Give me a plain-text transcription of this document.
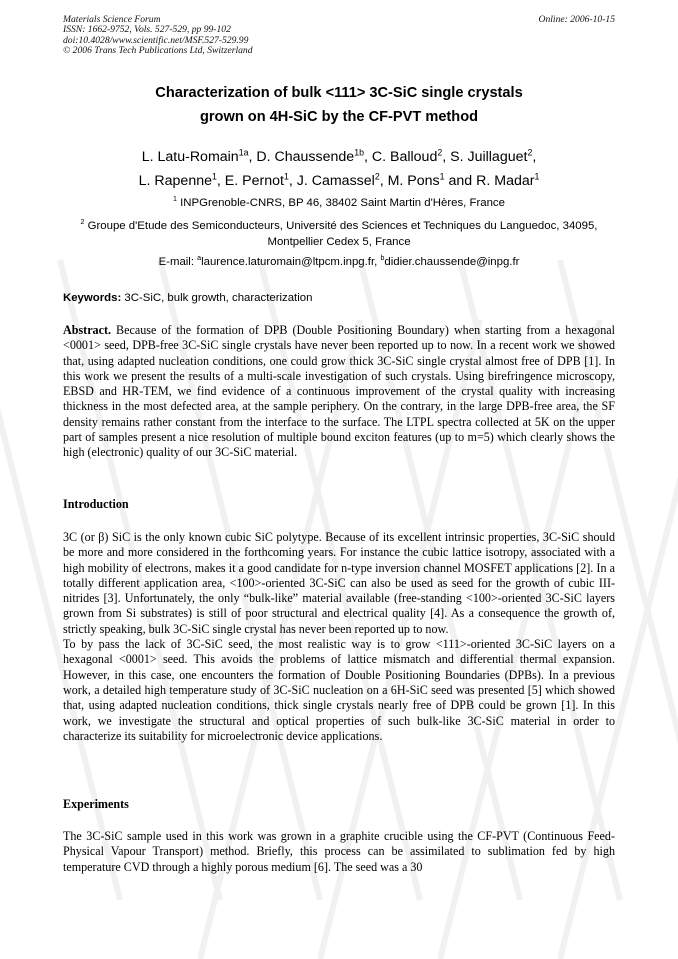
Materials Science Forum
ISSN: 1662-9752, Vols. 527-529, pp 99-102
doi:10.4028/www.scientific.net/MSF.527-529.99
© 2006 Trans Tech Publications Ltd, Switzerland
Online: 2006-10-15
Characterization of bulk <111> 3C-SiC single crystals
grown on 4H-SiC by the CF-PVT method
L. Latu-Romain$^{1a}$, D. Chaussende$^{1b}$, C. Balloud$^2$, S. Juillaguet$^2$,
L. Rapenne$^1$, E. Pernot$^1$, J. Camassel$^2$, M. Pons$^1$ and R. Madar$^1$
$^1$ INPGrenoble-CNRS, BP 46, 38402 Saint Martin d'Hères, France
$^2$ Groupe d'Etude des Semiconducteurs, Université des Sciences et Techniques du Languedoc, 34095, Montpellier Cedex 5, France
E-mail: $^a$laurence.laturomain@ltpcm.inpg.fr, $^b$didier.chaussende@inpg.fr
Keywords: 3C-SiC, bulk growth, characterization
Abstract. Because of the formation of DPB (Double Positioning Boundary) when starting from a hexagonal <0001> seed, DPB-free 3C-SiC single crystals have never been reported up to now. In a recent work we showed that, using adapted nucleation conditions, one could grow thick 3C-SiC single crystal almost free of DPB [1]. In this work we present the results of a multi-scale investigation of such crystals. Using birefringence microscopy, EBSD and HR-TEM, we find evidence of a continuous improvement of the crystal quality with increasing thickness in the most defected area, at the sample periphery. On the contrary, in the large DPB-free area, the SF density remains rather constant from the interface to the surface. The LTPL spectra collected at 5K on the upper part of samples present a nice resolution of multiple bound exciton features (up to m=5) which clearly shows the high (electronic) quality of our 3C-SiC material.
Introduction

3C (or β) SiC is the only known cubic SiC polytype. Because of its excellent intrinsic properties, 3C-SiC should be more and more considered in the forthcoming years. For instance the cubic lattice isotropy, associated with a high mobility of electrons, makes it a good candidate for n-type inversion channel MOSFET applications [2]. In a totally different application area, <100>-oriented 3C-SiC can also be used as seed for the growth of cubic III-nitrides [3]. Unfortunately, the only “bulk-like” material available (free-standing <100>-oriented 3C-SiC layers grown from Si substrates) is still of poor structural and electrical quality [4]. As a consequence the growth of, strictly speaking, bulk 3C-SiC single crystal has never been reported up to now.

To by pass the lack of 3C-SiC seed, the most realistic way is to grow <111>-oriented 3C-SiC layers on a hexagonal <0001> seed. This avoids the problems of lattice mismatch and differential thermal expansion. However, in this case, one encounters the formation of Double Positioning Boundaries (DPBs). In a previous work, a detailed high temperature study of 3C-SiC nucleation on a 6H-SiC seed was presented [5] which showed that, using adapted nucleation conditions, thick single crystals nearly free of DPB could be grown [1]. In this work, we investigate the structural and optical properties of such bulk-like 3C-SiC material in order to characterize its suitability for microelectronic device applications.

Experiments
The 3C-SiC sample used in this work was grown in a graphite crucible using the CF-PVT (Continuous Feed-Physical Vapour Transport) method. Briefly, this process can be assimilated to sublimation fed by high temperature CVD through a highly porous medium [6]. The seed was a 30
